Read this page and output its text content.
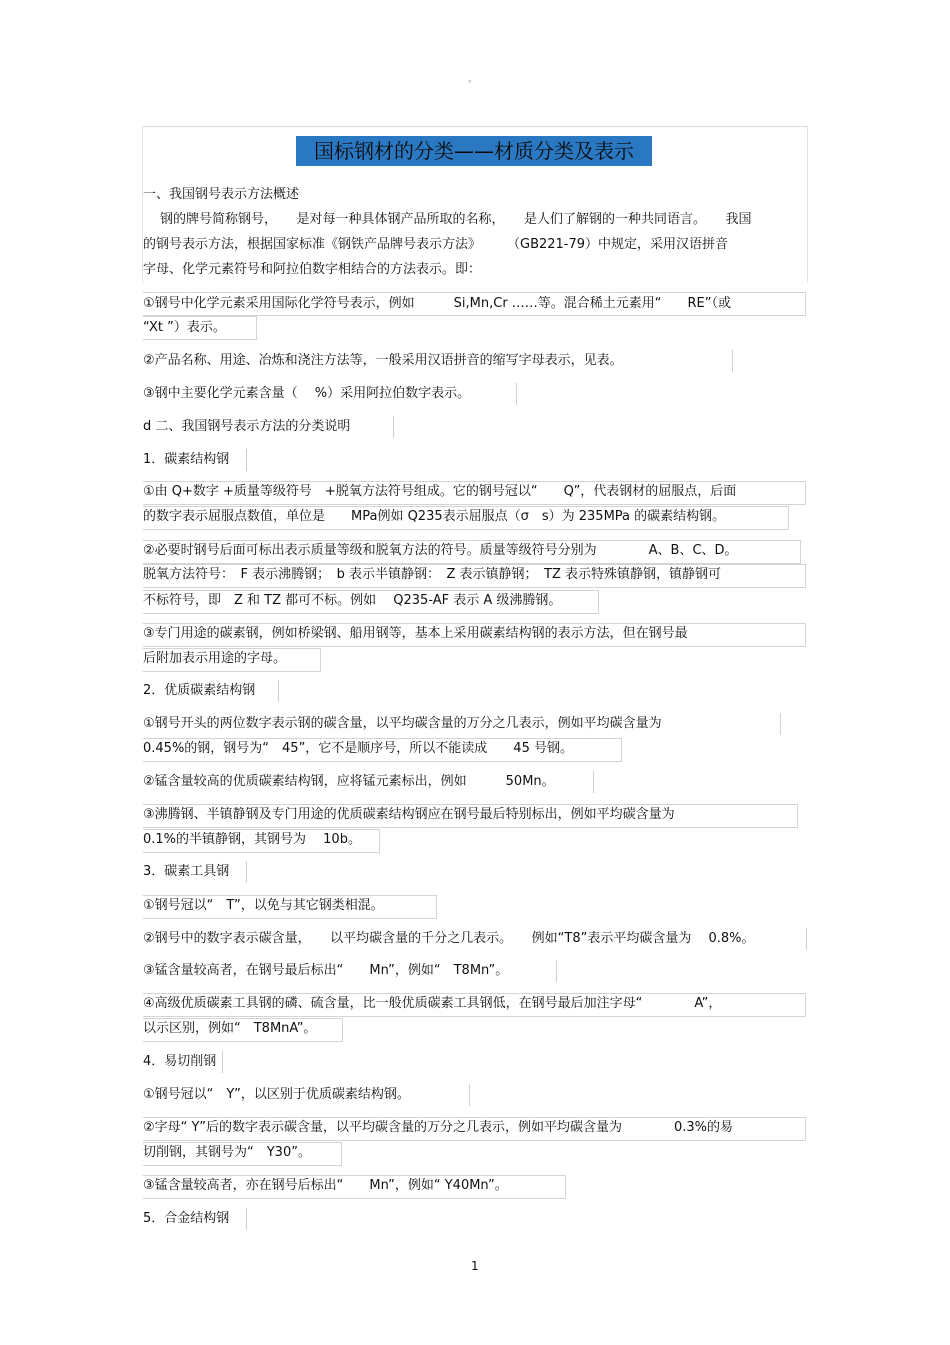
。
国标钢材的分类——材质分类及表示
一、我国钢号表示方法概述
钢的牌号简称钢号，　　是对每一种具体钢产品所取的名称，　　是人们了解钢的一种共同语言。　　我国
的钢号表示方法，根据国家标准《钢铁产品牌号表示方法》　　　（GB221-79）中规定，采用汉语拼音
字母、化学元素符号和阿拉伯数字相结合的方法表示。即：
①钢号中化学元素采用国际化学符号表示，例如　　　Si,Mn,Cr ……等。混合稀土元素用“　　RE”（或
“Xt ”）表示。
②产品名称、用途、冶炼和浇注方法等，一般采用汉语拼音的缩写字母表示，见表。
③钢中主要化学元素含量（　 %）采用阿拉伯数字表示。
d 二、我国钢号表示方法的分类说明
1．碳素结构钢
①由 Q+数字 +质量等级符号　+脱氧方法符号组成。它的钢号冠以“　　Q”，代表钢材的屈服点，后面
的数字表示屈服点数值，单位是　　MPa例如 Q235表示屈服点（σ　s）为 235MPa 的碳素结构钢。
②必要时钢号后面可标出表示质量等级和脱氧方法的符号。质量等级符号分别为　　　　A、B、C、D。
脱氧方法符号：　F 表示沸腾钢；　b 表示半镇静钢：　Z 表示镇静钢；　TZ 表示特殊镇静钢，镇静钢可
不标符号，即　Z 和 TZ 都可不标。例如　 Q235-AF 表示 A 级沸腾钢。
③专门用途的碳素钢，例如桥梁钢、船用钢等，基本上采用碳素结构钢的表示方法，但在钢号最
后附加表示用途的字母。
2．优质碳素结构钢
①钢号开头的两位数字表示钢的碳含量，以平均碳含量的万分之几表示，例如平均碳含量为
0.45%的钢，钢号为“　45”，它不是顺序号，所以不能读成　　45 号钢。
②锰含量较高的优质碳素结构钢，应将锰元素标出，例如　　　50Mn。
③沸腾钢、半镇静钢及专门用途的优质碳素结构钢应在钢号最后特别标出，例如平均碳含量为
0.1%的半镇静钢，其钢号为　 10b。
3．碳素工具钢
①钢号冠以“　T”，以免与其它钢类相混。
②钢号中的数字表示碳含量，　　以平均碳含量的千分之几表示。　　例如“T8”表示平均碳含量为　 0.8%。
③锰含量较高者，在钢号最后标出“　　Mn”，例如“　T8Mn”。
④高级优质碳素工具钢的磷、硫含量，比一般优质碳素工具钢低，在钢号最后加注字母“　　　　A”，
以示区别，例如“　T8MnA”。
4．易切削钢
①钢号冠以“　Y”，以区别于优质碳素结构钢。
②字母“ Y”后的数字表示碳含量，以平均碳含量的万分之几表示，例如平均碳含量为　　　　0.3%的易
切削钢，其钢号为“　Y30”。
③锰含量较高者，亦在钢号后标出“　　Mn”，例如“ Y40Mn”。
5．合金结构钢
1
